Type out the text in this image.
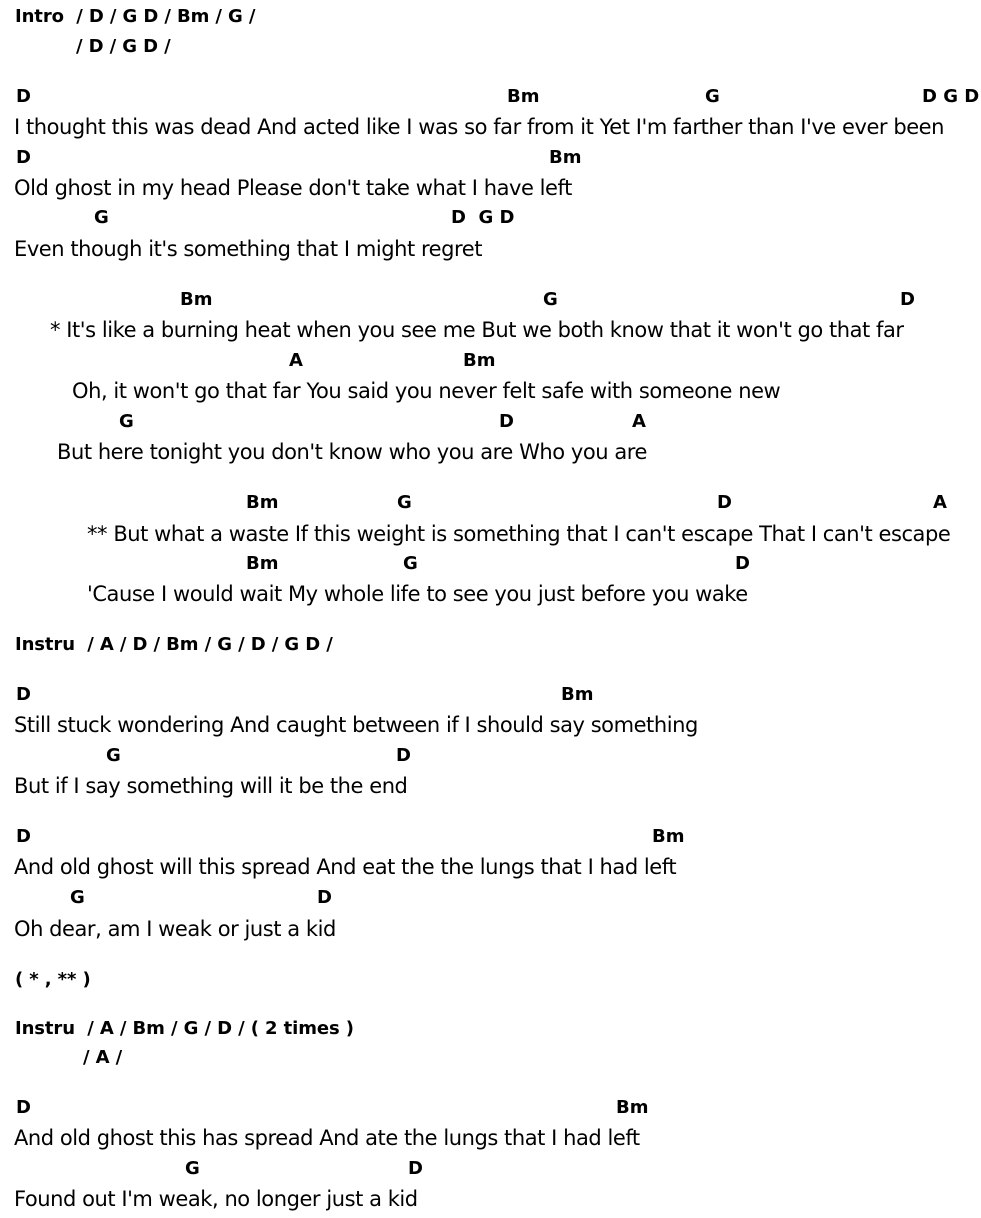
Intro  / D / G D / Bm / G /
/ D / G D /
D	Bm	G	D G D
I thought this was dead And acted like I was so far from it Yet I'm farther than I've ever been
D	Bm
Old ghost in my head Please don't take what I have left
G	D  G D
Even though it's something that I might regret
Bm	G	D
* It's like a burning heat when you see me But we both know that it won't go that far
A	Bm
Oh, it won't go that far You said you never felt safe with someone new
G	D	A
But here tonight you don't know who you are Who you are
Bm	G	D	A
** But what a waste If this weight is something that I can't escape That I can't escape
Bm	G	D
'Cause I would wait My whole life to see you just before you wake
Instru  / A / D / Bm / G / D / G D /
D	Bm
Still stuck wondering And caught between if I should say something
G	D
But if I say something will it be the end
D	Bm
And old ghost will this spread And eat the the lungs that I had left
G	D
Oh dear, am I weak or just a kid
( * , ** )
Instru  / A / Bm / G / D / ( 2 times )
/ A /
D	Bm
And old ghost this has spread And ate the lungs that I had left
G	D
Found out I'm weak, no longer just a kid
